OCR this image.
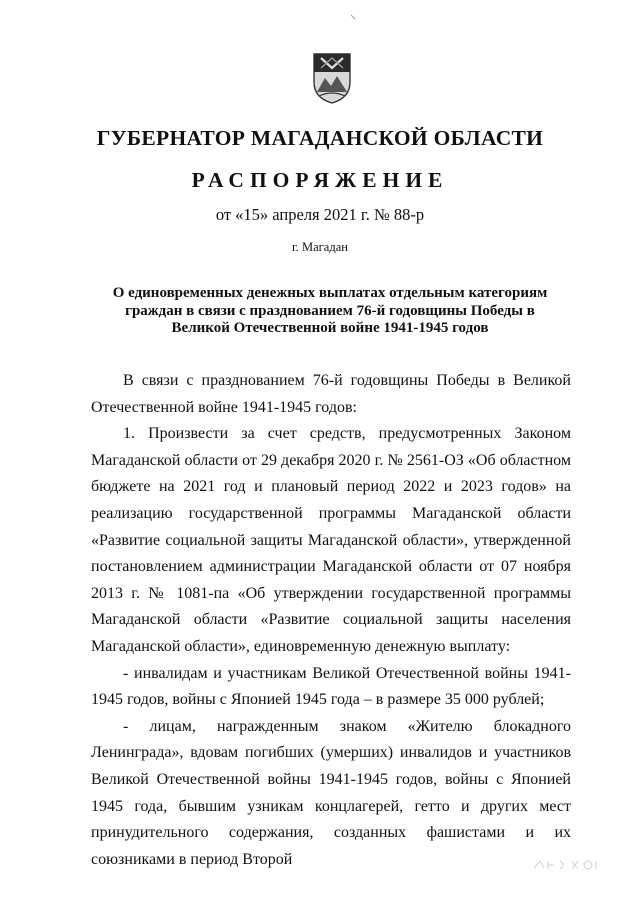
ГУБЕРНАТОР МАГАДАНСКОЙ ОБЛАСТИ
РАСПОРЯЖЕНИЕ
от «15» апреля 2021 г. № 88-р
г. Магадан
О единовременных денежных выплатах отдельным категориям граждан в связи с празднованием 76-й годовщины Победы в Великой Отечественной войне 1941-1945 годов

В связи с празднованием 76-й годовщины Победы в Великой Отечественной войне 1941-1945 годов:

1. Произвести за счет средств, предусмотренных Законом Магаданской области от 29 декабря 2020 г. № 2561-ОЗ «Об областном бюджете на 2021 год и плановый период 2022 и 2023 годов» на реализацию государственной программы Магаданской области «Развитие социальной защиты Магаданской области», утвержденной постановлением администрации Магаданской области от 07 ноября 2013 г. № 1081-па «Об утверждении государственной программы Магаданской области «Развитие социальной защиты населения Магаданской области», единовременную денежную выплату:

- инвалидам и участникам Великой Отечественной войны 1941-1945 годов, войны с Японией 1945 года – в размере 35 000 рублей;

- лицам, награжденным знаком «Жителю блокадного Ленинграда», вдовам погибших (умерших) инвалидов и участников Великой Отечественной войны 1941-1945 годов, войны с Японией 1945 года, бывшим узникам концлагерей, гетто и других мест принудительного содержания, созданных фашистами и их союзниками в период Второй
